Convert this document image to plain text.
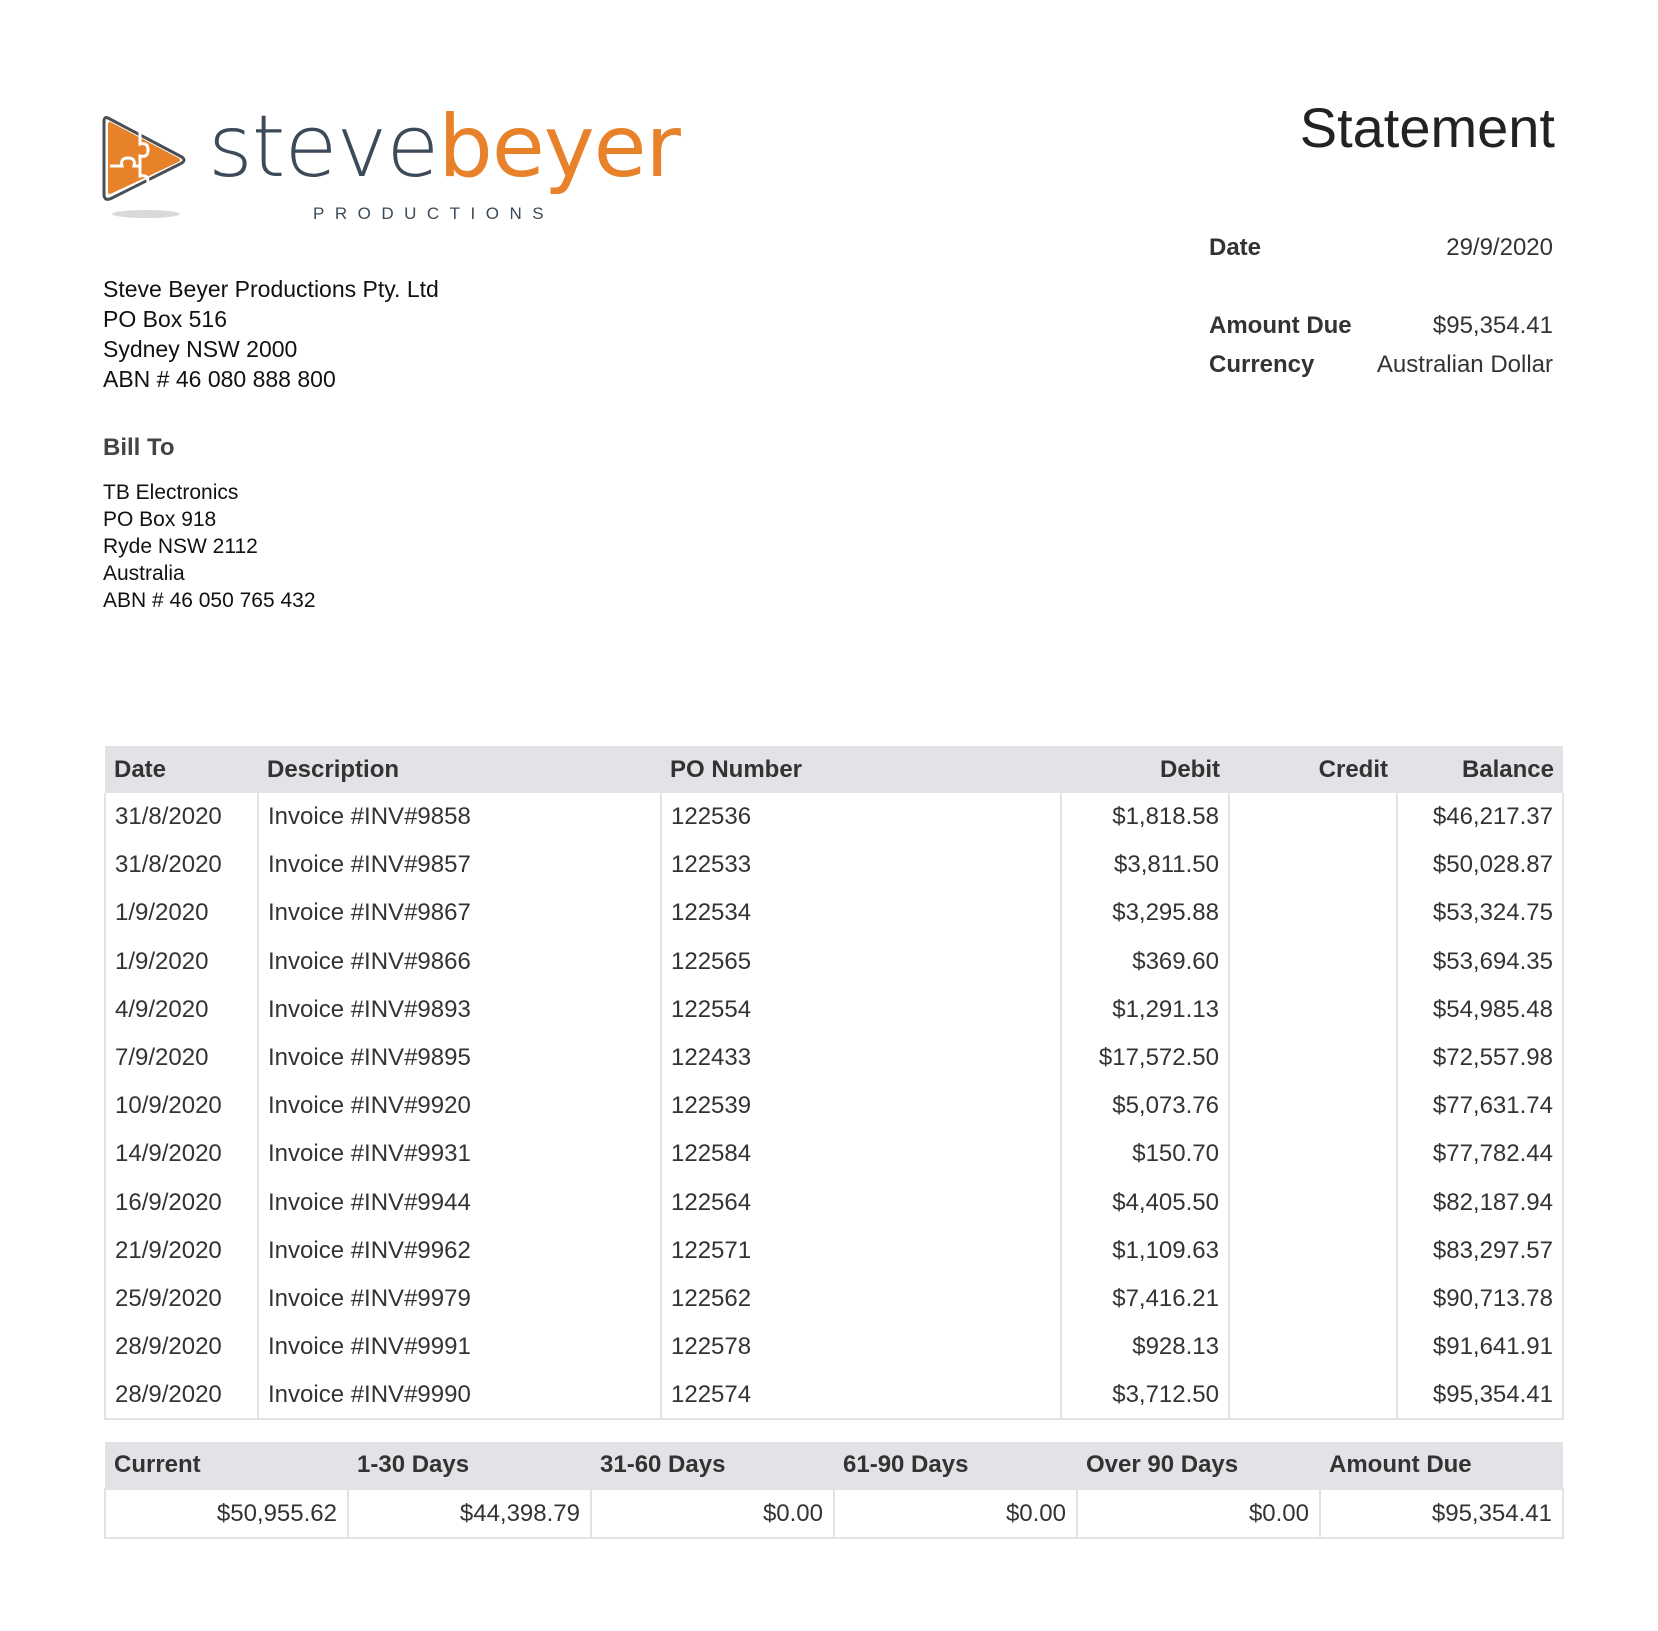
stevebeyer
PRODUCTIONS
Statement
Date	29/9/2020
Amount Due	$95,354.41
Currency	Australian Dollar
Steve Beyer Productions Pty. Ltd
PO Box 516
Sydney NSW 2000
ABN # 46 080 888 800
Bill To
TB Electronics
PO Box 918
Ryde NSW 2112
Australia
ABN # 46 050 765 432
Date	Description	PO Number	Debit	Credit	Balance
31/8/2020	Invoice #INV#9858	122536	$1,818.58		$46,217.37
31/8/2020	Invoice #INV#9857	122533	$3,811.50		$50,028.87
1/9/2020	Invoice #INV#9867	122534	$3,295.88		$53,324.75
1/9/2020	Invoice #INV#9866	122565	$369.60		$53,694.35
4/9/2020	Invoice #INV#9893	122554	$1,291.13		$54,985.48
7/9/2020	Invoice #INV#9895	122433	$17,572.50		$72,557.98
10/9/2020	Invoice #INV#9920	122539	$5,073.76		$77,631.74
14/9/2020	Invoice #INV#9931	122584	$150.70		$77,782.44
16/9/2020	Invoice #INV#9944	122564	$4,405.50		$82,187.94
21/9/2020	Invoice #INV#9962	122571	$1,109.63		$83,297.57
25/9/2020	Invoice #INV#9979	122562	$7,416.21		$90,713.78
28/9/2020	Invoice #INV#9991	122578	$928.13		$91,641.91
28/9/2020	Invoice #INV#9990	122574	$3,712.50		$95,354.41
Current	1-30 Days	31-60 Days	61-90 Days	Over 90 Days	Amount Due
$50,955.62	$44,398.79	$0.00	$0.00	$0.00	$95,354.41
